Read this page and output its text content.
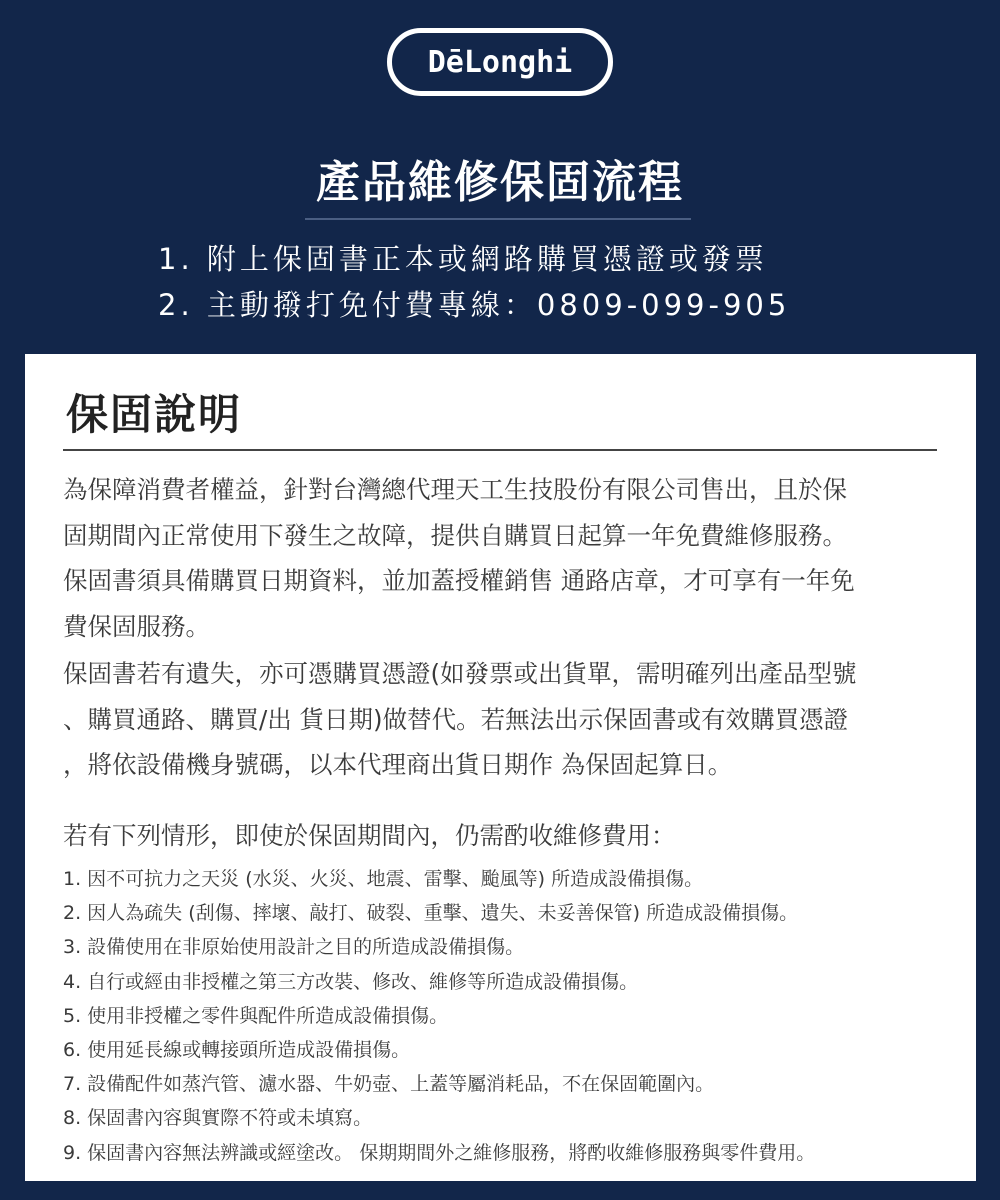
DēLonghi
產品維修保固流程
1. 附上保固書正本或網路購買憑證或發票
2. 主動撥打免付費專線：0809-099-905
保固說明

為保障消費者權益，針對台灣總代理天工生技股份有限公司售出，且於保

固期間內正常使用下發生之故障，提供自購買日起算一年免費維修服務。

保固書須具備購買日期資料，並加蓋授權銷售 通路店章，才可享有一年免

費保固服務。

保固書若有遺失，亦可憑購買憑證(如發票或出貨單，需明確列出產品型號

、購買通路、購買/出 貨日期)做替代。若無法出示保固書或有效購買憑證

，將依設備機身號碼，以本代理商出貨日期作 為保固起算日。

若有下列情形，即使於保固期間內，仍需酌收維修費用：
1. 因不可抗力之天災 (水災、火災、地震、雷擊、颱風等) 所造成設備損傷。
2. 因人為疏失 (刮傷、摔壞、敲打、破裂、重擊、遺失、未妥善保管) 所造成設備損傷。
3. 設備使用在非原始使用設計之目的所造成設備損傷。
4. 自行或經由非授權之第三方改裝、修改、維修等所造成設備損傷。
5. 使用非授權之零件與配件所造成設備損傷。
6. 使用延長線或轉接頭所造成設備損傷。
7. 設備配件如蒸汽管、濾水器、牛奶壺、上蓋等屬消耗品，不在保固範圍內。
8. 保固書內容與實際不符或未填寫。
9. 保固書內容無法辨識或經塗改。 保期期間外之維修服務，將酌收維修服務與零件費用。
